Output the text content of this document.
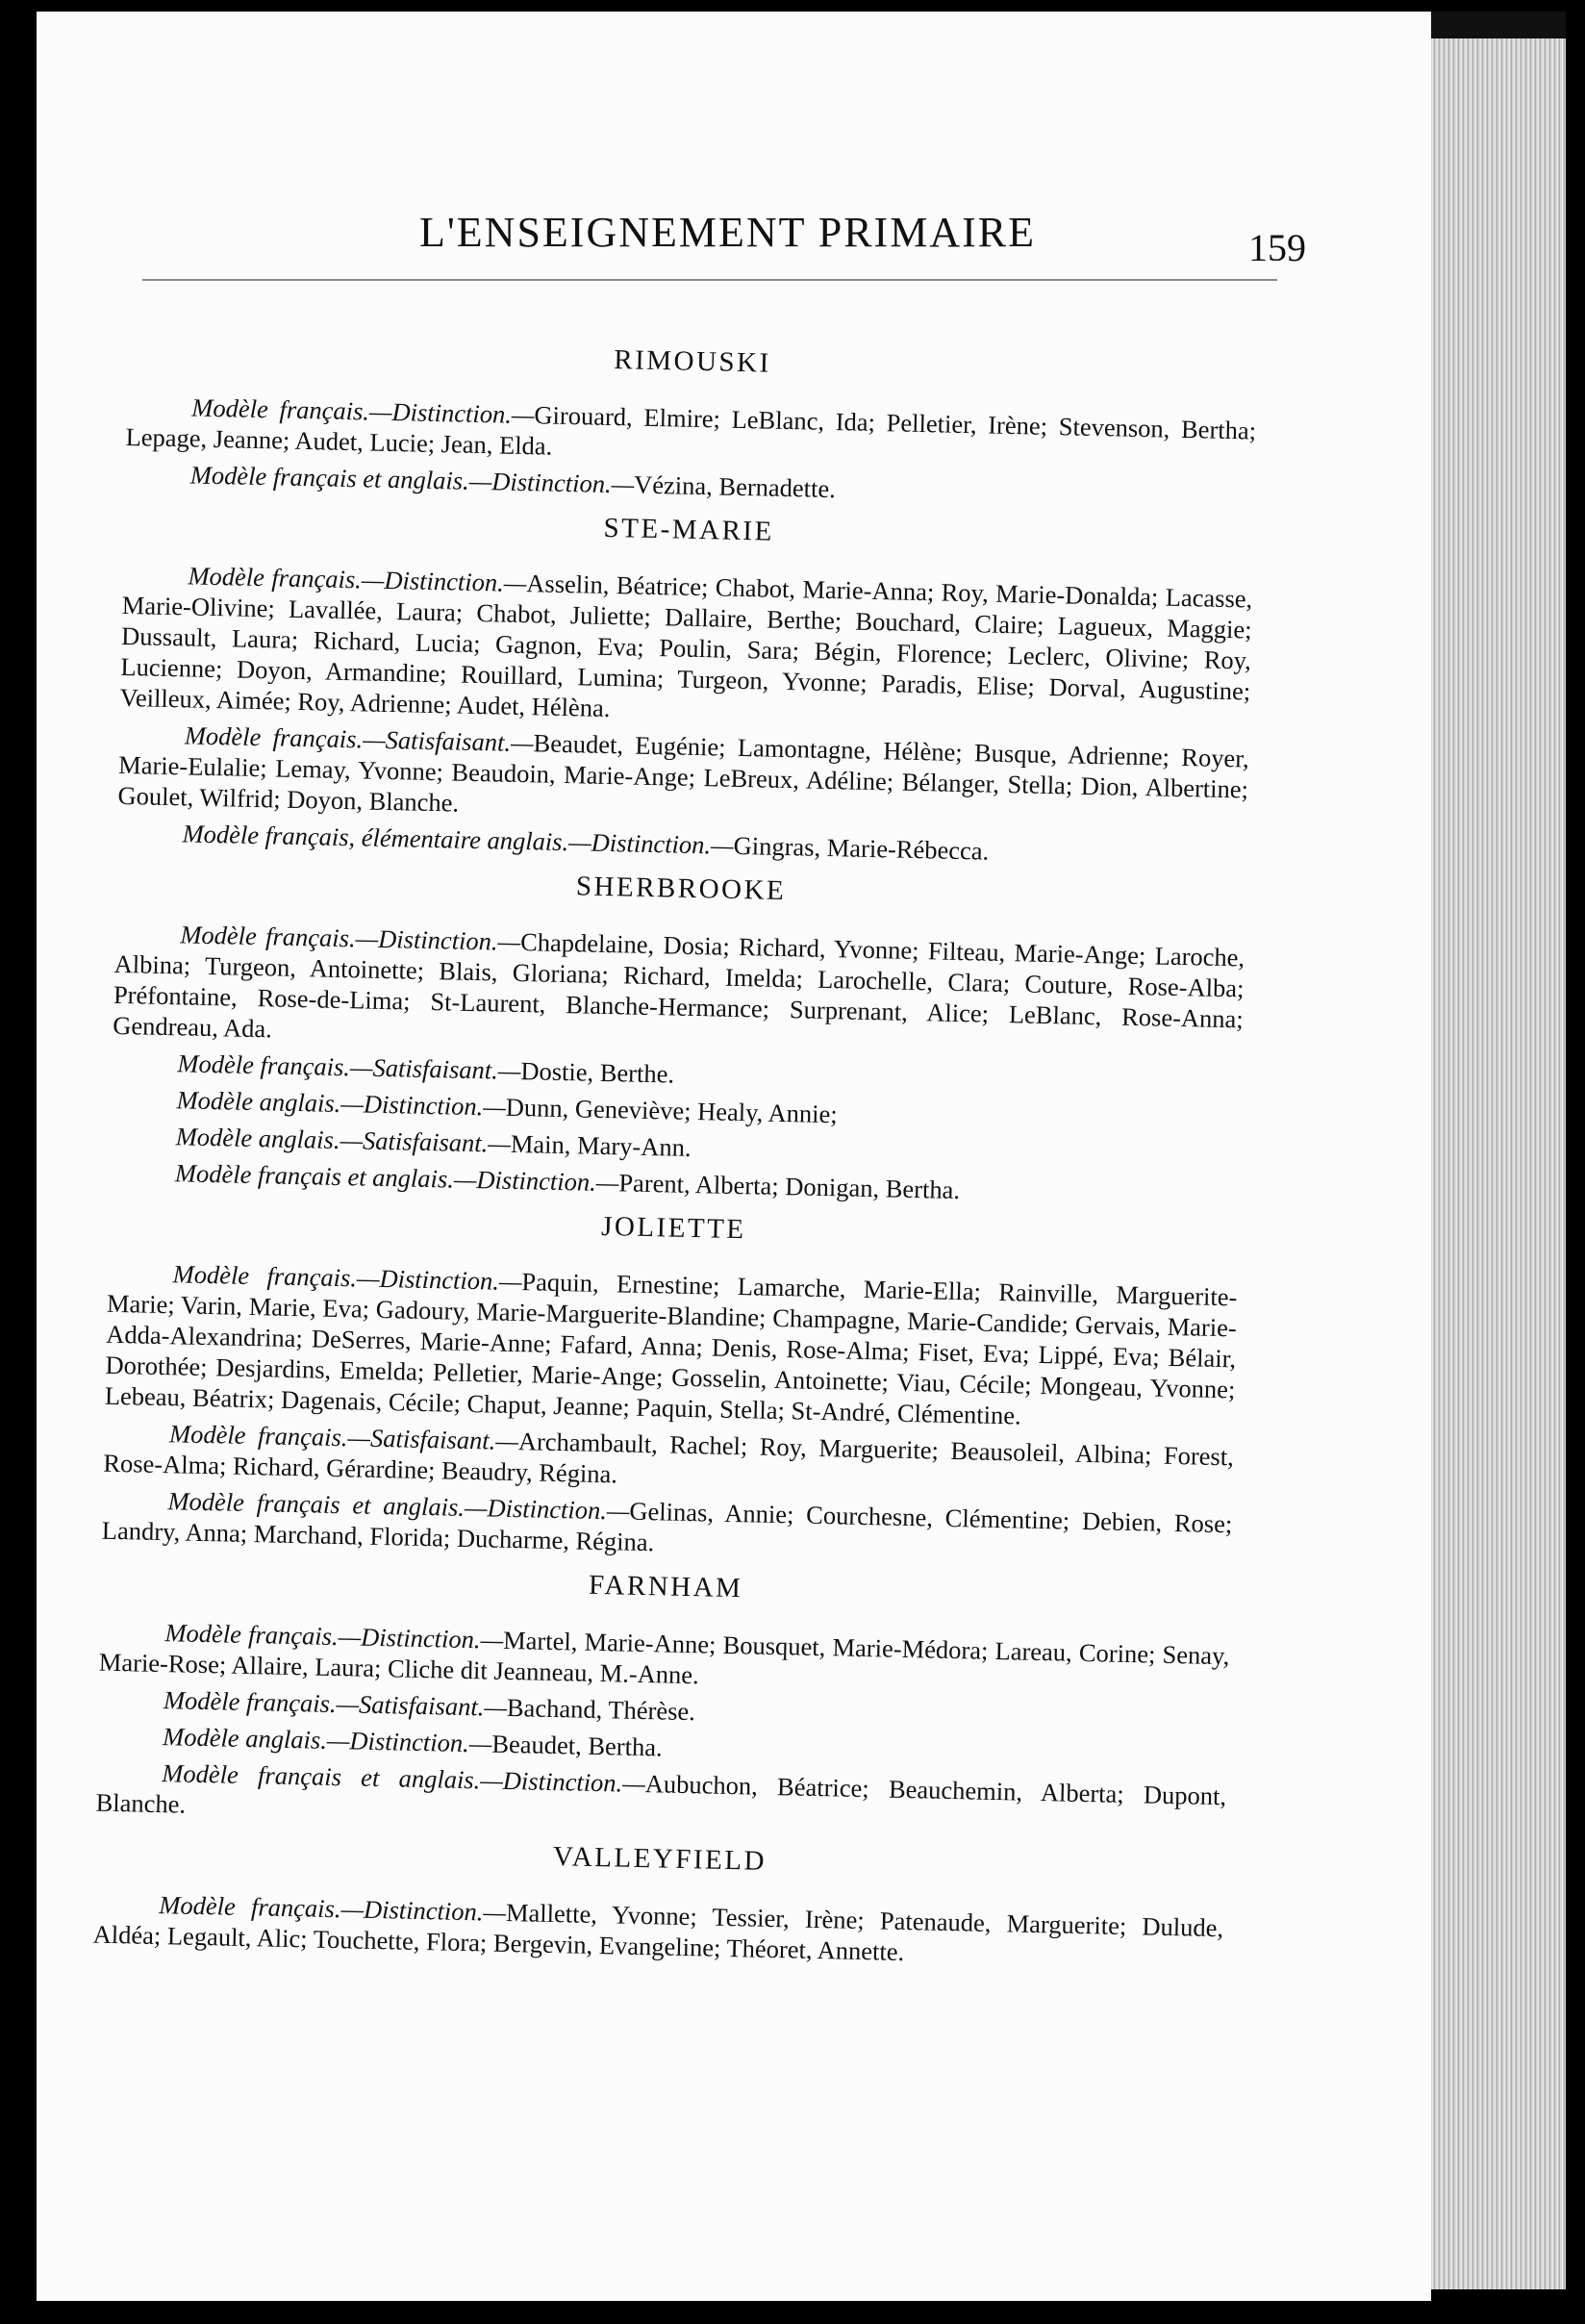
L'ENSEIGNEMENT PRIMAIRE	159
RIMOUSKI

Modèle français.—Distinction.—Girouard, Elmire; LeBlanc, Ida; Pelletier, Irène; Stevenson, Bertha; Lepage, Jeanne; Audet, Lucie; Jean, Elda.

Modèle français et anglais.—Distinction.—Vézina, Bernadette.

STE-MARIE

Modèle français.—Distinction.—Asselin, Béatrice; Chabot, Marie-Anna; Roy, Marie-Donalda; Lacasse, Marie-Olivine; Lavallée, Laura; Chabot, Juliette; Dallaire, Berthe; Bouchard, Claire; Lagueux, Maggie; Dussault, Laura; Richard, Lucia; Gagnon, Eva; Poulin, Sara; Bégin, Florence; Leclerc, Olivine; Roy, Lucienne; Doyon, Armandine; Rouillard, Lumina; Turgeon, Yvonne; Paradis, Elise; Dorval, Augustine; Veilleux, Aimée; Roy, Adrienne; Audet, Hélèna.

Modèle français.—Satisfaisant.—Beaudet, Eugénie; Lamontagne, Hélène; Busque, Adrienne; Royer, Marie-Eulalie; Lemay, Yvonne; Beaudoin, Marie-Ange; LeBreux, Adéline; Bélanger, Stella; Dion, Albertine; Goulet, Wilfrid; Doyon, Blanche.

Modèle français, élémentaire anglais.—Distinction.—Gingras, Marie-Rébecca.

SHERBROOKE

Modèle français.—Distinction.—Chapdelaine, Dosia; Richard, Yvonne; Filteau, Marie-Ange; Laroche, Albina; Turgeon, Antoinette; Blais, Gloriana; Richard, Imelda; Larochelle, Clara; Couture, Rose-Alba; Préfontaine, Rose-de-Lima; St-Laurent, Blanche-Hermance; Surprenant, Alice; LeBlanc, Rose-Anna; Gendreau, Ada.

Modèle français.—Satisfaisant.—Dostie, Berthe.

Modèle anglais.—Distinction.—Dunn, Geneviève; Healy, Annie;

Modèle anglais.—Satisfaisant.—Main, Mary-Ann.

Modèle français et anglais.—Distinction.—Parent, Alberta; Donigan, Bertha.

JOLIETTE

Modèle français.—Distinction.—Paquin, Ernestine; Lamarche, Marie-Ella; Rainville, Marguerite-Marie; Varin, Marie, Eva; Gadoury, Marie-Marguerite-Blandine; Champagne, Marie-Candide; Gervais, Marie-Adda-Alexandrina; DeSerres, Marie-Anne; Fafard, Anna; Denis, Rose-Alma; Fiset, Eva; Lippé, Eva; Bélair, Dorothée; Desjardins, Emelda; Pelletier, Marie-Ange; Gosselin, Antoinette; Viau, Cécile; Mongeau, Yvonne; Lebeau, Béatrix; Dagenais, Cécile; Chaput, Jeanne; Paquin, Stella; St-André, Clémentine.

Modèle français.—Satisfaisant.—Archambault, Rachel; Roy, Marguerite; Beausoleil, Albina; Forest, Rose-Alma; Richard, Gérardine; Beaudry, Régina.

Modèle français et anglais.—Distinction.—Gelinas, Annie; Courchesne, Clémentine; Debien, Rose; Landry, Anna; Marchand, Florida; Ducharme, Régina.

FARNHAM

Modèle français.—Distinction.—Martel, Marie-Anne; Bousquet, Marie-Médora; Lareau, Corine; Senay, Marie-Rose; Allaire, Laura; Cliche dit Jeanneau, M.-Anne.

Modèle français.—Satisfaisant.—Bachand, Thérèse.

Modèle anglais.—Distinction.—Beaudet, Bertha.

Modèle français et anglais.—Distinction.—Aubuchon, Béatrice; Beauchemin, Alberta; Dupont, Blanche.

VALLEYFIELD

Modèle français.—Distinction.—Mallette, Yvonne; Tessier, Irène; Patenaude, Marguerite; Dulude, Aldéa; Legault, Alic; Touchette, Flora; Bergevin, Evangeline; Théoret, Annette.
